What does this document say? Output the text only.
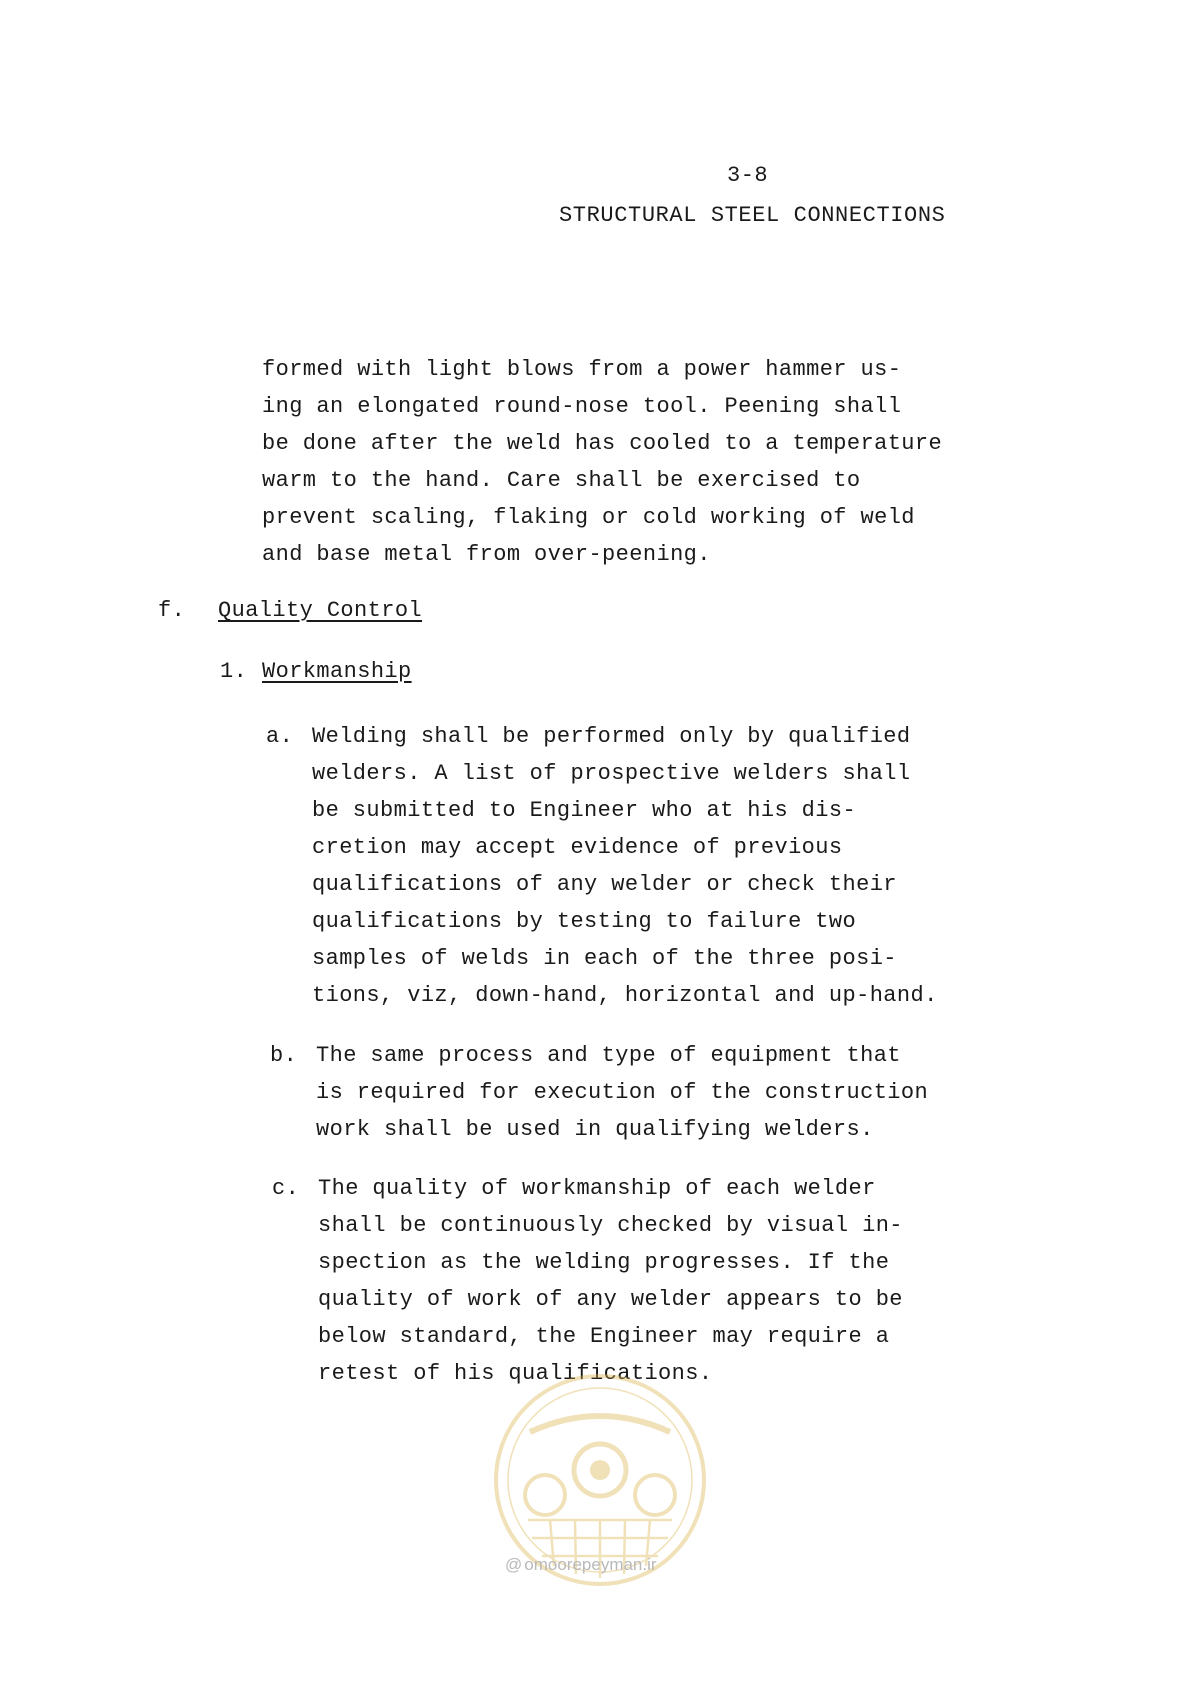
3-8
STRUCTURAL STEEL CONNECTIONS
formed with light blows from a power hammer us-
ing an elongated round-nose tool. Peening shall
be done after the weld has cooled to a temperature
warm to the hand. Care shall be exercised to
prevent scaling, flaking or cold working of weld
and base metal from over-peening.
f. Quality Control
1. Workmanship
a. Welding shall be performed only by qualified
welders. A list of prospective welders shall
be submitted to Engineer who at his dis-
cretion may accept evidence of previous
qualifications of any welder or check their
qualifications by testing to failure two
samples of welds in each of the three posi-
tions, viz, down-hand, horizontal and up-hand.
b. The same process and type of equipment that
is required for execution of the construction
work shall be used in qualifying welders.
c. The quality of workmanship of each welder
shall be continuously checked by visual in-
spection as the welding progresses. If the
quality of work of any welder appears to be
below standard, the Engineer may require a
retest of his qualifications.
@ omoorepeyman.ir
